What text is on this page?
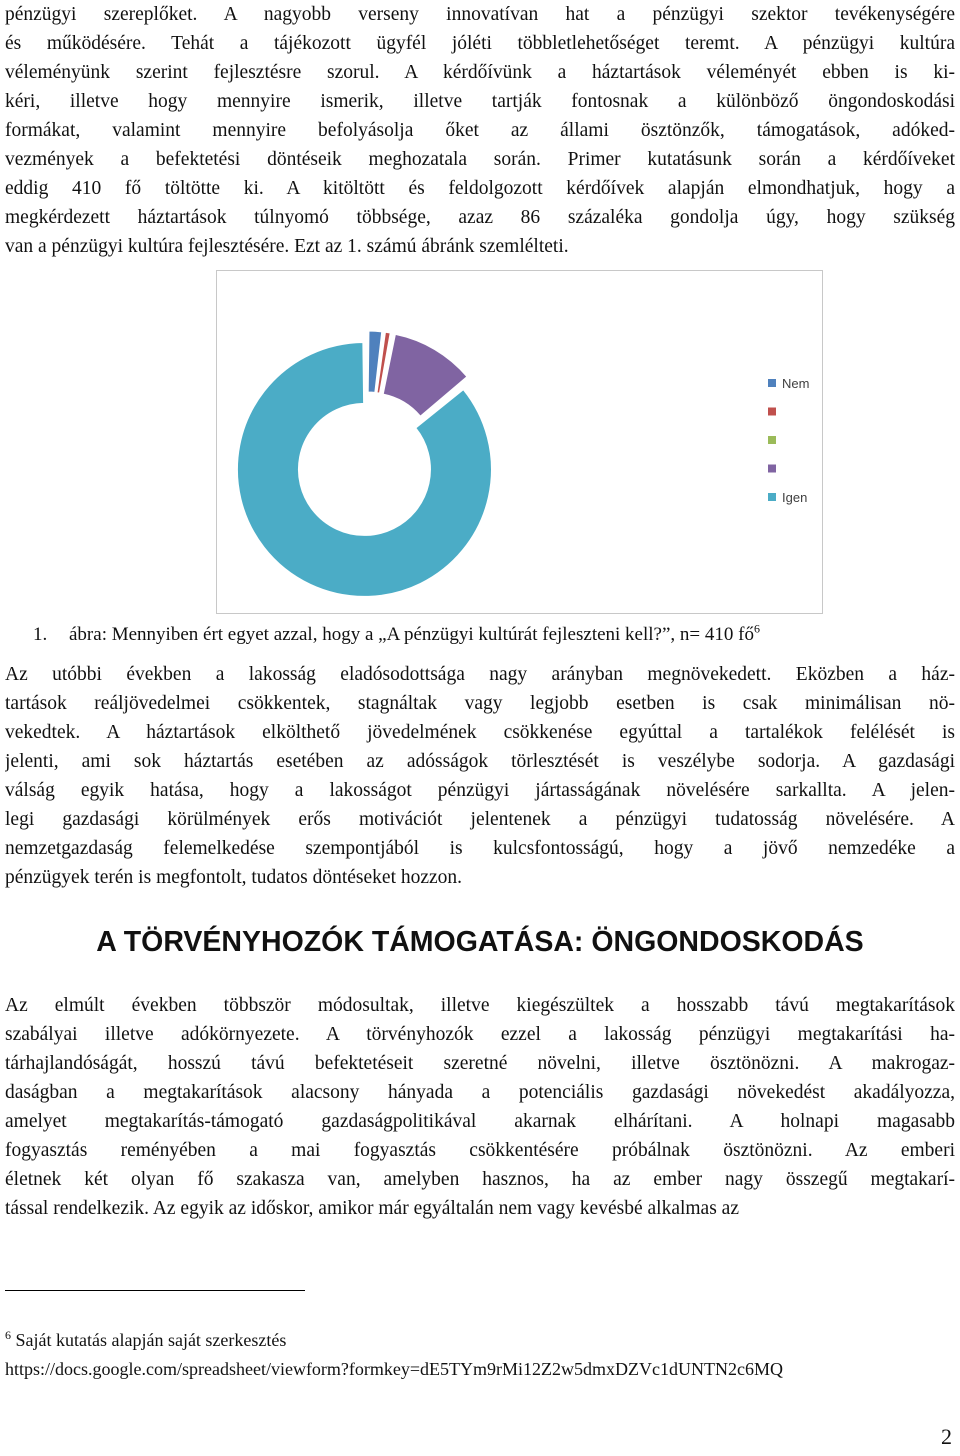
pénzügyi szereplőket. A nagyobb verseny innovatívan hat a pénzügyi szektor tevékenységére
és működésére. Tehát a tájékozott ügyfél jóléti többletlehetőséget teremt. A pénzügyi kultúra
véleményünk szerint fejlesztésre szorul. A kérdőívünk a háztartások véleményét ebben is ki-
kéri, illetve hogy mennyire ismerik, illetve tartják fontosnak a különböző öngondoskodási
formákat, valamint mennyire befolyásolja őket az állami ösztönzők, támogatások, adóked-
vezmények a befektetési döntéseik meghozatala során. Primer kutatásunk során a kérdőíveket
eddig 410 fő töltötte ki. A kitöltött és feldolgozott kérdőívek alapján elmondhatjuk, hogy a
megkérdezett háztartások túlnyomó többsége, azaz 86 százaléka gondolja úgy, hogy szükség
van a pénzügyi kultúra fejlesztésére. Ezt az 1. számú ábránk szemlélteti.
Nem
Igen
1. ábra: Mennyiben ért egyet azzal, hogy a „A pénzügyi kultúrát fejleszteni kell?”, n= 410 $fő^6$
Az utóbbi években a lakosság eladósodottsága nagy arányban megnövekedett. Eközben a ház-
tartások reáljövedelmei csökkentek, stagnáltak vagy legjobb esetben is csak minimálisan nö-
vekedtek. A háztartások elkölthető jövedelmének csökkenése egyúttal a tartalékok felélését is
jelenti, ami sok háztartás esetében az adósságok törlesztését is veszélybe sodorja. A gazdasági
válság egyik hatása, hogy a lakosságot pénzügyi jártasságának növelésére sarkallta. A jelen-
legi gazdasági körülmények erős motivációt jelentenek a pénzügyi tudatosság növelésére. A
nemzetgazdaság felemelkedése szempontjából is kulcsfontosságú, hogy a jövő nemzedéke a
pénzügyek terén is megfontolt, tudatos döntéseket hozzon.
A TÖRVÉNYHOZÓK TÁMOGATÁSA: ÖNGONDOSKODÁS
Az elmúlt években többször módosultak, illetve kiegészültek a hosszabb távú megtakarítások
szabályai illetve adókörnyezete. A törvényhozók ezzel a lakosság pénzügyi megtakarítási ha-
tárhajlandóságát, hosszú távú befektetéseit szeretné növelni, illetve ösztönözni. A makrogaz-
daságban a megtakarítások alacsony hányada a potenciális gazdasági növekedést akadályozza,
amelyet megtakarítás-támogató gazdaságpolitikával akarnak elhárítani. A holnapi magasabb
fogyasztás reményében a mai fogyasztás csökkentésére próbálnak ösztönözni. Az emberi
életnek két olyan fő szakasza van, amelyben hasznos, ha az ember nagy összegű megtakarí-
tással rendelkezik. Az egyik az időskor, amikor már egyáltalán nem vagy kevésbé alkalmas az
$^6$ Saját kutatás alapján saját szerkesztés
https://docs.google.com/spreadsheet/viewform?formkey=dE5TYm9rMi12Z2w5dmxDZVc1dUNTN2c6MQ
2
